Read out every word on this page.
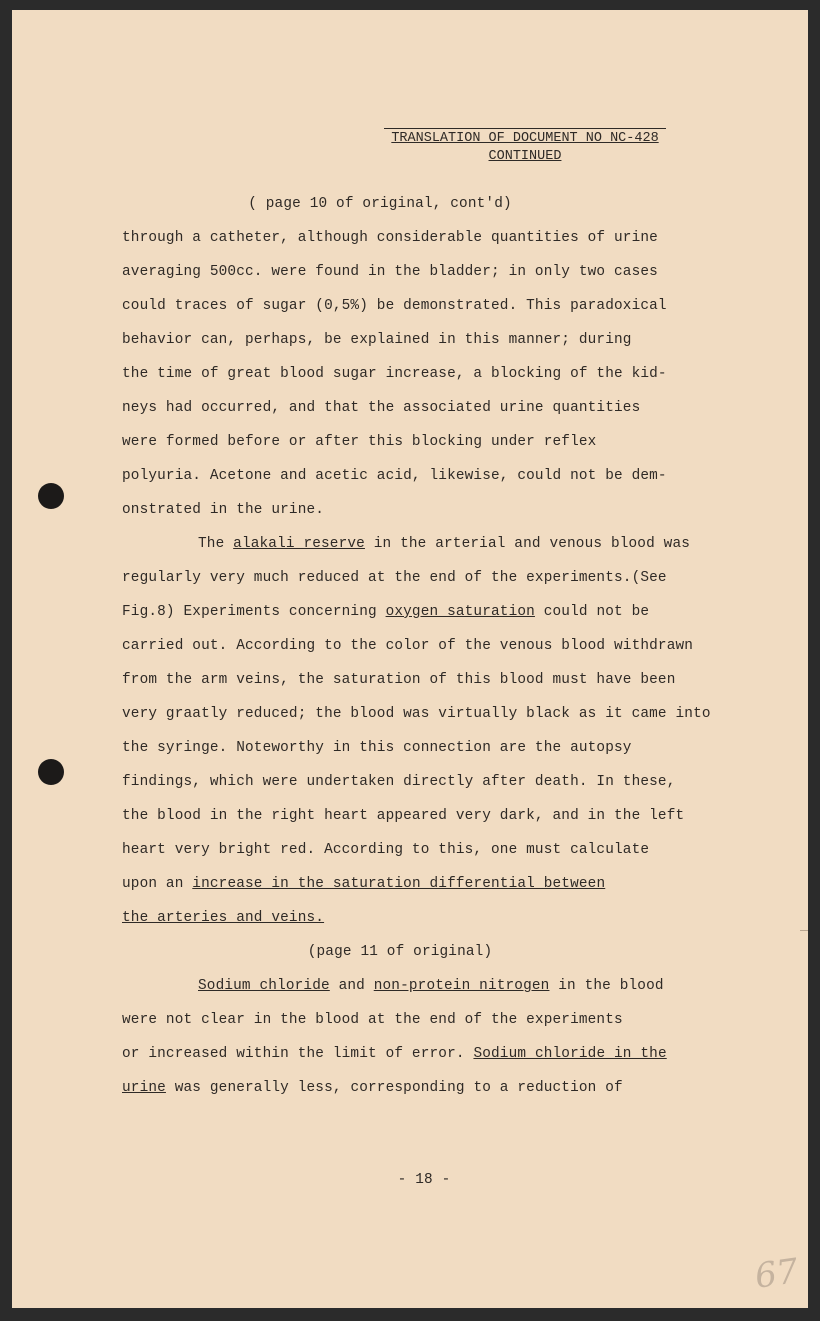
TRANSLATION OF DOCUMENT NO NC-428
CONTINUED
( page 10 of original, cont'd)
through a catheter, although considerable quantities of urine
averaging 500cc. were found in the bladder; in only two cases
could traces of sugar (0,5%) be demonstrated. This paradoxical
behavior can, perhaps, be explained in this manner; during
the time of great blood sugar increase, a blocking of the kid-
neys had occurred, and that the associated urine quantities
were formed before or after this blocking under reflex
polyuria. Acetone and acetic acid, likewise, could not be dem-
onstrated in the urine.
The alakali reserve in the arterial and venous blood was
regularly very much reduced at the end of the experiments.(See
Fig.8) Experiments concerning oxygen saturation could not be
carried out. According to the color of the venous blood withdrawn
from the arm veins, the saturation of this blood must have been
very graatly reduced; the blood was virtually black as it came into
the syringe. Noteworthy in this connection are the autopsy
findings, which were undertaken directly after death. In these,
the blood in the right heart appeared very dark, and in the left
heart very bright red. According to this, one must calculate
upon an increase in the saturation differential between
the arteries and veins.
(page 11 of original)
Sodium chloride and non-protein nitrogen in the blood
were not clear in the blood at the end of the experiments
or increased within the limit of error. Sodium chloride in the
urine was generally less, corresponding to a reduction of
- 18 -
67
